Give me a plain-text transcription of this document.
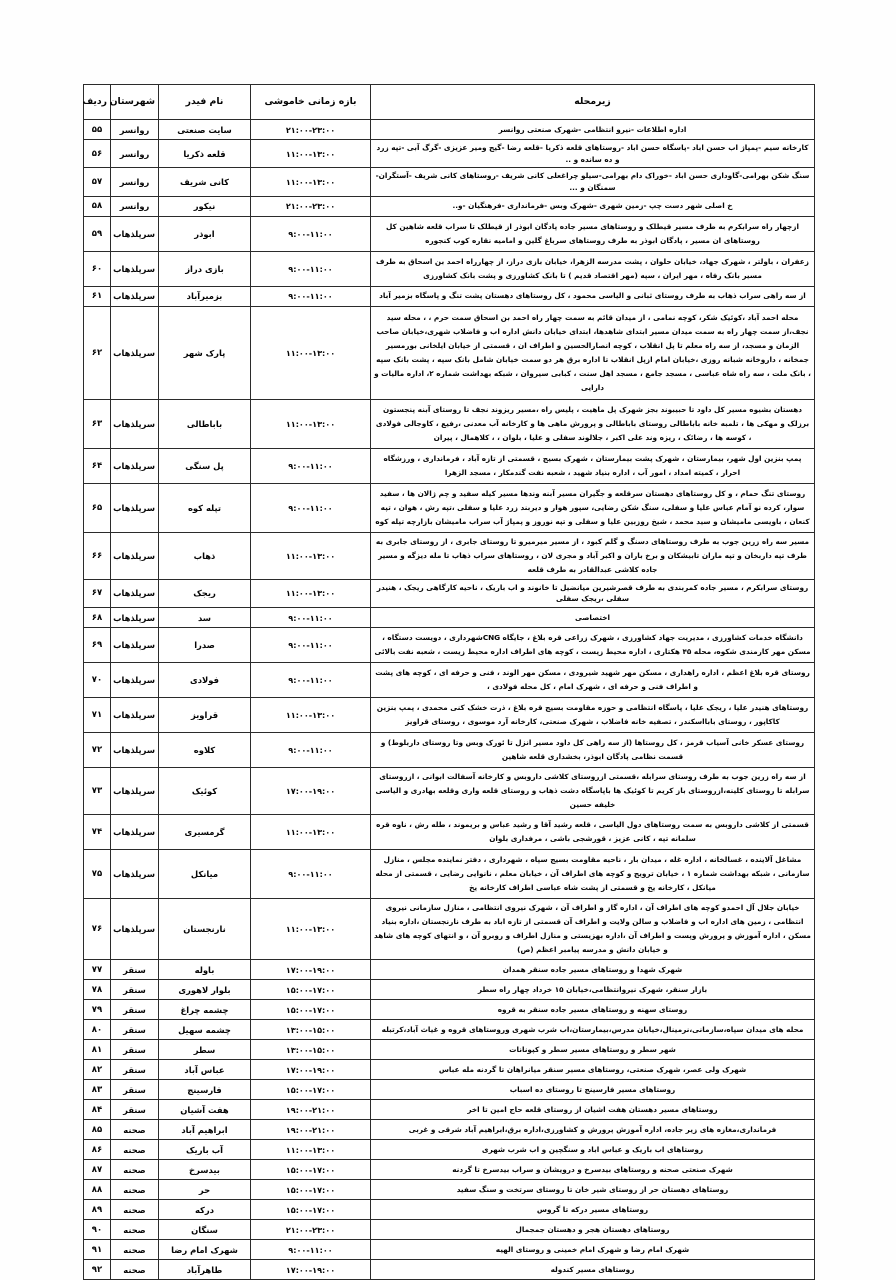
زیرمحله	بازه زمانی خاموشی	نام فیدر	شهرستان	ردیف
اداره اطلاعات -نیرو انتظامی -شهرک صنعتی روانسر	۲۱:۰۰-۲۳:۰۰	سایت صنعتی	روانسر	۵۵
کارخانه سیم -پمپاژ اب حسن اباد -پاسگاه حسن اباد -روستاهای قلعه ذکریا -قلعه رضا -گیج ومیر عزیزی -گرگ آبی -تپه زرد و ده سانده و ..	۱۱:۰۰-۱۳:۰۰	قلعه ذکریا	روانسر	۵۶
سنگ شکن بهرامی-گاوداری حسن اباد -خوراک دام بهرامی-سیلو چراغعلی کانی شریف -روستاهای کانی شریف -آستگران-سمنگان و ...	۱۱:۰۰-۱۳:۰۰	کانی شریف	روانسر	۵۷
خ اصلی شهر دست چپ -زمین شهری -شهرک وبس -فرمانداری -فرهنگیان -و..	۲۱:۰۰-۲۳:۰۰	نیکور	روانسر	۵۸
ازچهار راه سرابکرم به طرف مسیر قیطلک و روستاهای مسیر جاده پادگان ابوذر از قیطلک تا سراب قلعه شاهین کل روستاهای ان مسیر ، پادگان ابوذر به طرف روستاهای سرباغ گلین و امامیه نقاره کوب کنجوره	۹:۰۰-۱۱:۰۰	ابوذر	سرپلذهاب	۵۹
زعفران ، باولتر ، شهرک جهاد، خیابان حلوان ، پشت مدرسه الزهرا، خیابان بازی دراز، از چهارراه احمد بن اسحاق به طرف مسیر بانک رفاه ، مهر ایران ، سپه (مهر اقتصاد قدیم ) تا بانک کشاورزی و پشت بانک کشاورزی	۹:۰۰-۱۱:۰۰	بازی دراز	سرپلذهاب	۶۰
از سه راهی سراب ذهاب به طرف روستای ثبانی و الیاسی محمود ، کل روستاهای دهستان پشت تنگ و پاسگاه بزمیر آباد	۹:۰۰-۱۱:۰۰	بزمیرآباد	سرپلذهاب	۶۱
محله احمد آباد ،کوئیک شکر، کوچه نمامی ، از میدان قائم به سمت چهار راه احمد بن اسحاق سمت حرم ، ، محله سید نجف،از سمت چهار راه به سمت میدان مسیر ابتدای شاهدها، ابتدای خیابان دانش اداره اب و فاضلاب شهری،خیابان صاحب الزمان و مسجد، از سه راه معلم تا پل انقلاب ، کوچه انصارالحسین و اطراف ان ، قسمتی از خیابان ایلخانی بورمسیر جمخانه ، داروخانه شبانه روزی ،خیابان امام ازپل انقلاب تا اداره برق هر دو سمت خیابان شامل بانک سپه ، پشت بانک سپه ، بانک ملت ، سه راه شاه عباسی ، مسجد جامع ، مسجد اهل سنت ، کبابی سیروان ، شبکه بهداشت شماره ۲، اداره مالیات و دارایی	۱۱:۰۰-۱۳:۰۰	پارک شهر	سرپلذهاب	۶۲
دهستان بشیوه مسیر کل داود تا حبیبوند بجز شهرک پل ماهیت ، پلیس راه ،مسیر ریزوند نجف تا روستای آبنه پنجستون برزلک و مهکی ها ، تلمبه خانه باباطالی روستای باباطالی و پرورش ماهی ها و کارخانه آب معدنی ،رفیع ، کاوجالی فولادی ، کوسه ها ، رضائک ، ریزه وند علی اکبر ، جلالوند سفلی و علیا ، بلوان ، ، کلاهمال ، پیران	۱۱:۰۰-۱۳:۰۰	باباطالی	سرپلذهاب	۶۳
پمپ بنزین اول شهر، بیمارستان ، شهرک پشت بیمارستان ، شهرک بسیج ، قسمتی از تازه آباد ، فرمانداری ، ورزشگاه احرار ، کمیته امداد ، امور آب ، اداره بنیاد شهید ، شعبه نفت گندمکار ، مسجد الزهرا	۹:۰۰-۱۱:۰۰	پل سنگی	سرپلذهاب	۶۴
روستای تنگ حمام ، و کل روستاهای دهستان سرقلعه و جگیران مسیر آبنه وندها مسیر کیله سفید و چم ژالان ها ، سفید سوار، کرده نو آمام عباس علیا و سفلی، سنگ شکن رضایی، سپور هوار و دیربند زرد علیا و سفلی ،تپه رش ، هوان ، تپه کنعان ، باویسی مامیشان و سید محمد ، شیخ روزبین علیا و سفلی و تپه نوروز و پمپاژ آب سراب مامیشان بازارچه تپله کوه	۹:۰۰-۱۱:۰۰	تپله کوه	سرپلذهاب	۶۵
مسیر سه راه زرین جوب به طرف روستاهای دسنگ و گلم کبود ، از مسیر میرمیرو تا روستای جابری ، از روستای جابری به طرف تپه داربخان و تپه ماران تابیشکان و برخ باران و اکبر آباد و مجری لان ، روستاهای سراب ذهاب تا مله دیزگه و مسیر جاده کلاشی عبدالقادر به طرف قلعه	۱۱:۰۰-۱۳:۰۰	ذهاب	سرپلذهاب	۶۶
روستای سرابکرم ، مسیر جاده کمربندی به طرف قصرشیرین میانضیل تا خانوند و اب باریک ، ناحیه کارگاهی ریجک ، هنیدر سفلی ،ریجک سفلی	۱۱:۰۰-۱۳:۰۰	ریجک	سرپلذهاب	۶۷
اختصاصی	۹:۰۰-۱۱:۰۰	سد	سرپلذهاب	۶۸
دانشگاه خدمات کشاورزی ، مدیریت جهاد کشاورزی ، شهرک زراعی قره بلاغ ، جایگاه CNGشهرداری ، دویست دستگاه ، مسکن مهر کارمندی شکوه، محله ۴۵ هکتاری ، اداره محیط زیست ، کوچه های اطراف اداره محیط زیست ، شعبه نفت بالائی	۹:۰۰-۱۱:۰۰	صدرا	سرپلذهاب	۶۹
روستای قره بلاغ اعظم ، اداره راهداری ، مسکن مهر شهید شیرودی ، مسکن مهر الوند ، فنی و حرفه ای ، کوچه های پشت و اطراف فنی و حرفه ای ، شهرک امام ، کل محله فولادی ،	۹:۰۰-۱۱:۰۰	فولادی	سرپلذهاب	۷۰
روستاهای هنیدر علیا ، ریجک علیا ، پاسگاه انتظامی و حوزه مقاومت بسیج قره بلاغ ، ذرت خشک کنی محمدی ، پمپ بنزین کاکاپور ، روستای بابااسکندر ، تصفیه خانه فاضلاب ، شهرک صنعتی، کارخانه آرد موسوی ، روستای قراویز	۱۱:۰۰-۱۳:۰۰	قراویز	سرپلذهاب	۷۱
روستای عسکر خانی آسیاب قرمز ، کل روستاها (از سه راهی کل داود مسیر انزل تا ئورک وبس وتا روستای داربلوط) و قسمت نظامی پادگان ابوذر، بخشداری قلعه شاهین	۹:۰۰-۱۱:۰۰	کلاوه	سرپلذهاب	۷۲
از سه راه زرین جوب به طرف روستای سرابله ،قسمتی ازروستای کلاشی داروبس و کارخانه آسفالت ابوانی ، ازروستای سرابله تا روستای کلینه،ازروستای باز کریم تا کوئیک ها باپاسگاه دشت ذهاب و روستای قلعه واری وقلعه بهادری و الیاسی خلیفه حسین	۱۷:۰۰-۱۹:۰۰	کوئیک	سرپلذهاب	۷۳
قسمتی از کلاشی داروبس به سمت روستاهای دول الیاسی ، قلعه رشید آقا و رشید عباس و بریموند ، طله رش ، ناوه قره سلمانه تپه ، کانی عزیز ، قورشجی باشی ، مرفداری بلوان	۱۱:۰۰-۱۳:۰۰	گرمسیری	سرپلذهاب	۷۴
مشاغل آلاینده ، غسالخانه ، اداره غله ، میدان بار ، ناحیه مقاومت بسیج سپاه ، شهرداری ، دفتر نماینده مجلس ، منازل سازمانی ، شبکه بهداشت شماره ۱ ، خیابان ترویج و کوچه های اطراف آن ، خیابان معلم ، نانوایی رضایی ، قسمتی از محله میانکل ، کارخانه یخ و قسمتی از پشت شاه عباسی اطراف کارخانه یخ	۹:۰۰-۱۱:۰۰	میانکل	سرپلذهاب	۷۵
خیابان جلال آل احمدو کوچه های اطراف آن ، اداره گاز و اطراف آن ، شهرک نیروی انتظامی ، منازل سازمانی نیروی انتظامی ، زمین های اداره اب و فاضلاب و سالن ولایت و اطراف آن قسمتی از تازه اباد به طرف نارنجستان ،اداره بنیاد مسکن ، اداره آموزش و پرورش وپست و اطراف آن ،اداره بهزیستی و منازل اطراف و روبرو آن ، و انتهای کوچه های شاهد و خیابان دانش و مدرسه پیامبر اعظم (ص)	۱۱:۰۰-۱۳:۰۰	نارنجستان	سرپلذهاب	۷۶
شهرک شهدا و روستاهای مسیر جاده سنقر همدان	۱۷:۰۰-۱۹:۰۰	باوله	سنقر	۷۷
بازار سنقر، شهرک نیروانتظامی،خیابان ۱۵ خرداد چهار راه سطر	۱۵:۰۰-۱۷:۰۰	بلوار لاهوری	سنقر	۷۸
روستای سهنه و روستاهای مسیر جاده سنقر به قروه	۱۵:۰۰-۱۷:۰۰	چشمه چراغ	سنقر	۷۹
محله های میدان سپاه،سازمانی،نرمینال،خیابان مدرس،بیمارستان،اب شرب شهری وروستاهای قروه و غیاث آباد،کرتبله	۱۳:۰۰-۱۵:۰۰	چشمه سهیل	سنقر	۸۰
شهر سطر و روستاهای مسیر سطر و کپونانات	۱۳:۰۰-۱۵:۰۰	سطر	سنقر	۸۱
شهرک ولی عصر، شهرک صنعتی، روستاهای مسیر سنقر میانراهان تا گردنه مله عباس	۱۷:۰۰-۱۹:۰۰	عباس آباد	سنقر	۸۲
روستاهای مسیر فارسینج تا روستای ده اسباب	۱۵:۰۰-۱۷:۰۰	فارسینج	سنقر	۸۳
روستاهای مسیر دهستان هفت اشیان از روستای قلعه حاج امین تا اخر	۱۹:۰۰-۲۱:۰۰	هفت آشیان	سنقر	۸۴
فرمانداری،مغازه های زیر جاده، اداره آموزش پرورش و کشاورزی،اداره برق،ابراهیم آباد شرقی و غربی	۱۹:۰۰-۲۱:۰۰	ابراهیم آباد	صحنه	۸۵
روستاهای اب باریک و عباس اباد و سنگچین و اب شرب شهری	۱۱:۰۰-۱۳:۰۰	آب باریک	صحنه	۸۶
شهرک صنعتی صحنه و روستاهای بیدسرخ و درویشان و سراب بیدسرخ تا گردنه	۱۵:۰۰-۱۷:۰۰	بیدسرخ	صحنه	۸۷
روستاهای دهستان حر از روستای شیر خان تا روستای سرتخت و سنگ سفید	۱۵:۰۰-۱۷:۰۰	حر	صحنه	۸۸
روستاهای مسیر درکه تا گروس	۱۵:۰۰-۱۷:۰۰	درکه	صحنه	۸۹
روستاهای دهستان هجر و دهستان جمجمال	۲۱:۰۰-۲۳:۰۰	سنگان	صحنه	۹۰
شهرک امام رضا و شهرک امام خمینی و روستای الهیه	۹:۰۰-۱۱:۰۰	شهرک امام رضا	صحنه	۹۱
روستاهای مسیر کندوله	۱۷:۰۰-۱۹:۰۰	طاهرآباد	صحنه	۹۲
